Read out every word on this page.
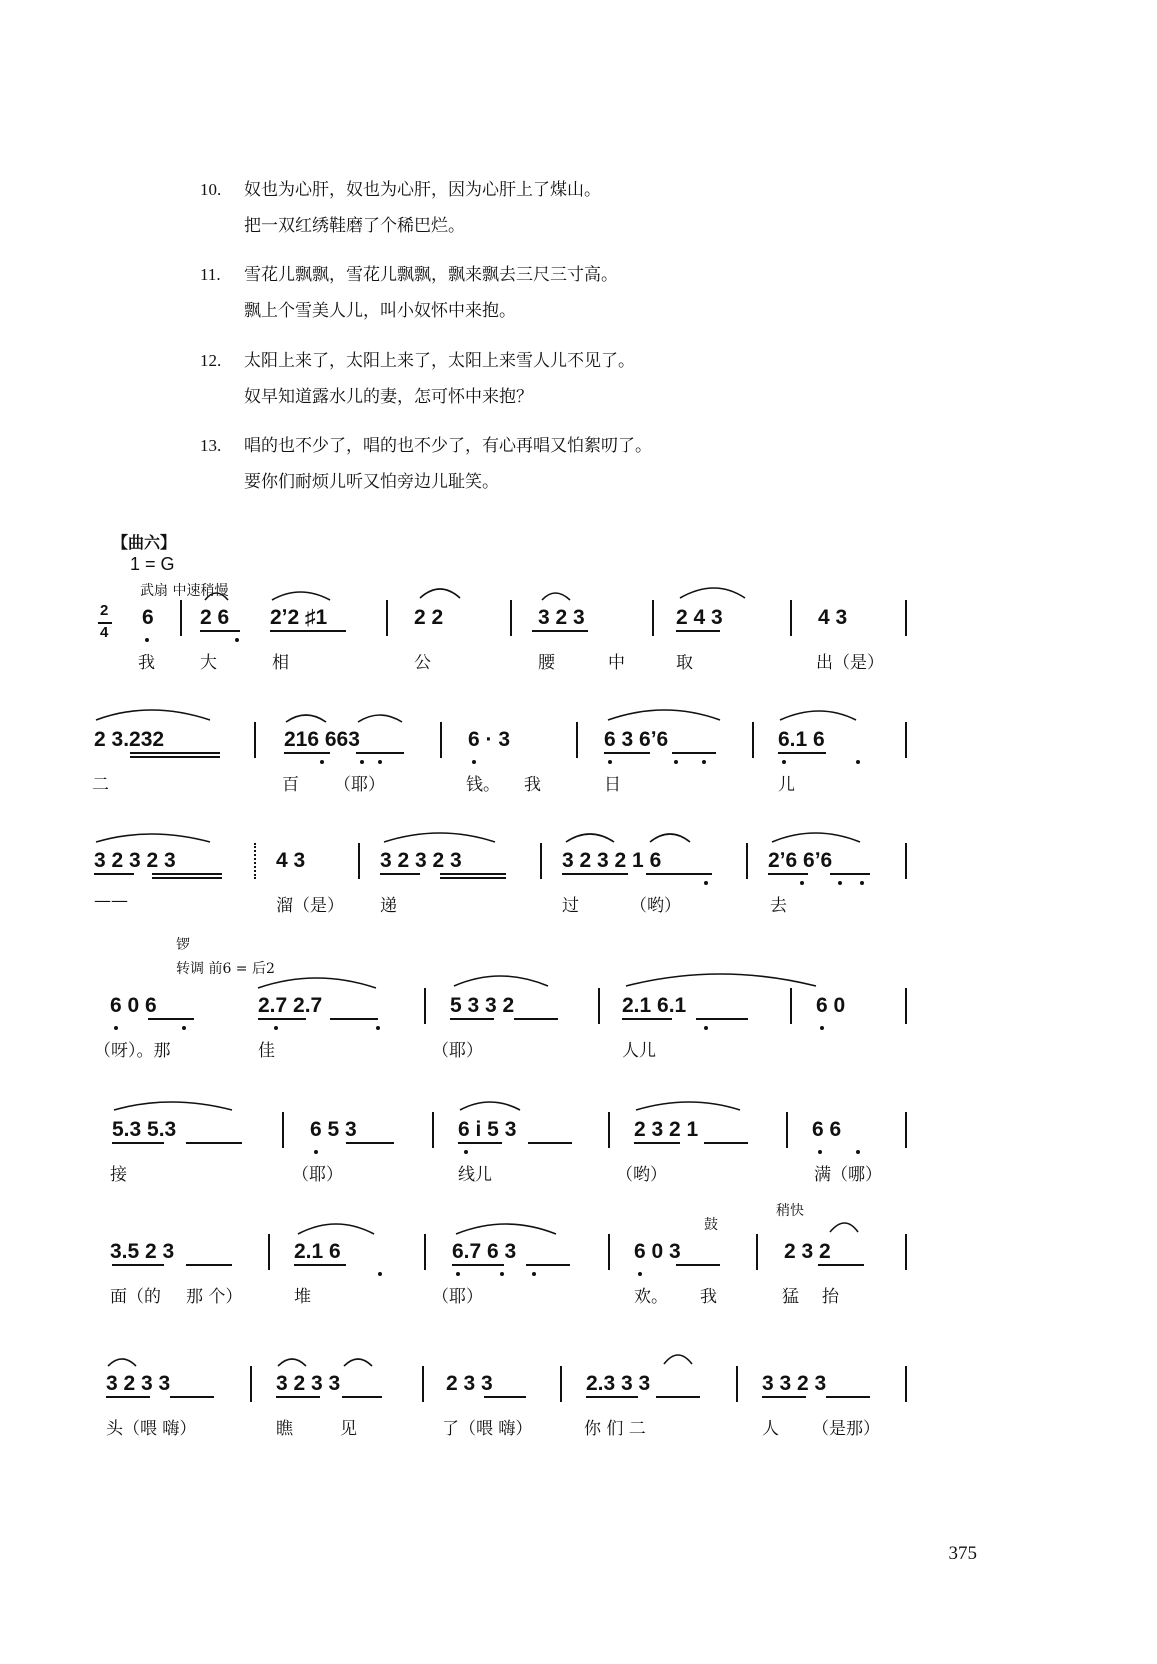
10. 奴也为心肝，奴也为心肝，因为心肝上了煤山。
把一双红绣鞋磨了个稀巴烂。
11. 雪花儿飘飘，雪花儿飘飘，飘来飘去三尺三寸高。
飘上个雪美人儿，叫小奴怀中来抱。
12. 太阳上来了，太阳上来了，太阳上来雪人儿不见了。
奴早知道露水儿的妻，怎可怀中来抱？
13. 唱的也不少了，唱的也不少了，有心再唱又怕絮叨了。
要你们耐烦儿听又怕旁边儿耻笑。
【曲六】
1 = G
武扇 中速稍慢
2
4
6 2 6 2ʼ2 ♯1	2 2	3 2 3	2 4 3	4 3
我	大	相	公	腰	中	取	出（是）
2 3.232	216 663	6 · 3	6 3 6ʼ6	6.1 6
二	百 （耶）	钱。 我	日	儿
3 2 3 2 3	4 3	3 2 3 2 3	3 2 3 2 1 6	2ʼ6 6ʼ6
——	溜（是） 递	过	（哟）	去
锣
转调 前6 = 后2
6 0 6	2.7 2.7	5 3 3 2	2.1 6.1	6 0
（呀）。那	佳	（耶）	人儿
5.3 5.3	6 5 3	6 i 5 3	2 3 2 1	6 6
接	（耶）	线儿	（哟）	满（哪）
稍快
鼓
3.5 2 3	2.1 6	6.7 6 3	6 0 3	2 3 2
面（的 那 个）	堆	（耶）	欢。 我	猛 抬
3 2 3 3	3 2 3 3	2 3 3	2.3 3 3	3 3 2 3
头（喂 嗨）	瞧	见	了（喂 嗨）	你 们 二	人 （是那）
375
